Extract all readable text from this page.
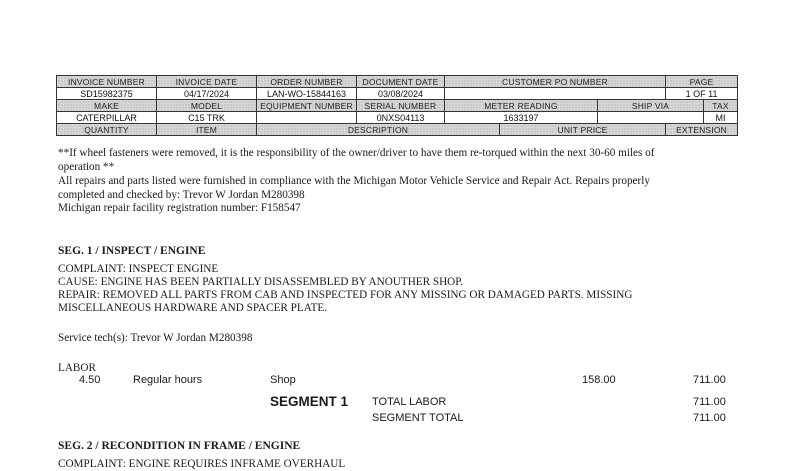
INVOICE NUMBER	INVOICE DATE	ORDER NUMBER	DOCUMENT DATE	CUSTOMER PO NUMBER			PAGE	
SD15982375	04/17/2024	LAN-WO-15844163	03/08/2024				1 OF 11	
MAKE	MODEL	EQUIPMENT NUMBER	SERIAL NUMBER	METER READING		SHIP VIA		TAX
CATERPILLAR	C15 TRK		0NXS04113	1633197				MI
QUANTITY	ITEM	DESCRIPTION			UNIT PRICE		EXTENSION	
**If wheel fasteners were removed, it is the responsibility of the owner/driver to have them re-torqued within the next 30-60 miles of
operation **
All repairs and parts listed were furnished in compliance with the Michigan Motor Vehicle Service and Repair Act. Repairs properly
completed and checked by: Trevor W Jordan M280398
Michigan repair facility registration number: F158547
SEG. 1 / INSPECT / ENGINE
COMPLAINT: INSPECT ENGINE
CAUSE: ENGINE HAS BEEN PARTIALLY DISASSEMBLED BY ANOUTHER SHOP.
REPAIR: REMOVED ALL PARTS FROM CAB AND INSPECTED FOR ANY MISSING OR DAMAGED PARTS. MISSING
MISCELLANEOUS HARDWARE AND SPACER PLATE.
Service tech(s): Trevor W Jordan M280398
LABOR
4.50	Regular hours	Shop	158.00	711.00
SEGMENT 1 TOTAL LABOR	711.00
SEGMENT TOTAL	711.00
SEG. 2 / RECONDITION IN FRAME / ENGINE
COMPLAINT: ENGINE REQUIRES INFRAME OVERHAUL
